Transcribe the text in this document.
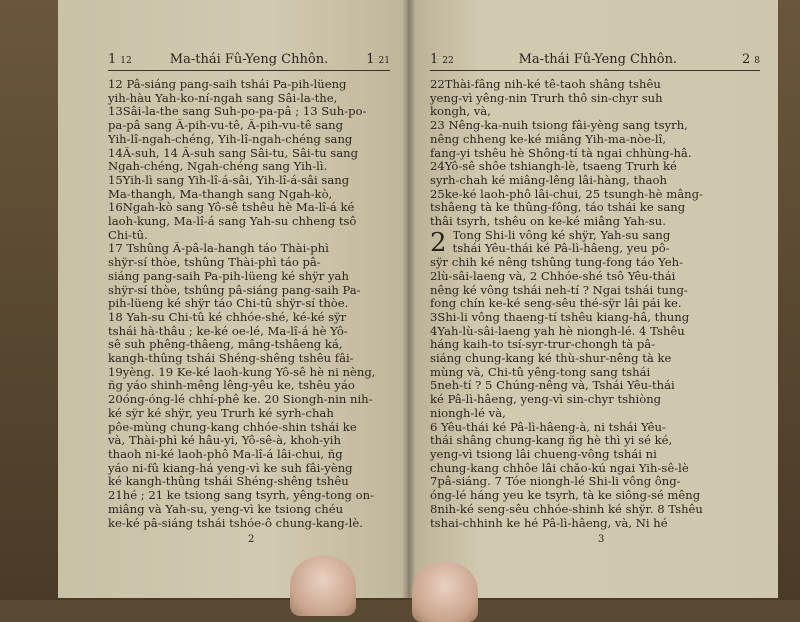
1 12	Ma-thái Fû-Yeng Chhôn.	1 21
12 Pâ-siáng pang-saih tshái Pa-pih-lüeng
yih-hàu Yah-ko-ní-ngah sang Sâi-la-the,
13Sâi-la-the sang Suh-po-pa-pâ ; 13 Suh-po-
pa-pâ sang Â-pih-vu-tê, Â-pih-vu-tê sang
Yih-lî-ngah-chéng, Yih-lî-ngah-chéng sang
14Â-suh, 14 Â-suh sang Sâi-tu, Sâi-tu sang
Ngah-chéng, Ngah-chéng sang Yih-lì.
15Yih-lì sang Yih-lî-á-sâi, Yih-lî-á-sâi sang
Ma-thangh, Ma-thangh sang Ngah-kò,
16Ngah-kò sang Yô-sê tshêu hè Ma-lî-á ké
laoh-kung, Ma-lî-á sang Yah-su chheng tsô
Chi-tû.
17 Tshûng Â-pâ-la-hangh táo Thài-phì
shÿr-sí thòe, tshûng Thài-phì táo pâ-
siáng pang-saih Pa-pih-lüeng ké shÿr yah
shÿr-sí thòe, tshûng pâ-siáng pang-saih Pa-
pih-lüeng ké shÿr táo Chi-tû shÿr-sí thòe.
18 Yah-su Chi-tû ké chhóe-shé, ké-ké sÿr
tshái hà-thâu ; ke-ké oe-lé, Ma-lî-á hè Yô-
sê suh phêng-thâeng, mâng-tshâeng ká,
kangh-thûng tshái Shéng-shêng tshêu fâi-
19yèng. 19 Ke-ké laoh-kung Yô-sê hè ni nèng,
ñg yáo shinh-mêng lêng-yêu ke, tshêu yáo
20óng-óng-lé chhí-phê ke. 20 Siongh-nin nih-
ké sÿr ké shÿr, yeu Trurh ké syrh-chah
pôe-mùng chung-kang chhóe-shin tshái ke
và, Thài-phì ké hâu-yi, Yô-sê-à, khoh-yih
thaoh ni-ké laoh-phô Ma-lî-á lâi-chui, ñg
yáo ni-fû kiang-há yeng-vì ke suh fâi-yèng
ké kangh-thûng tshái Shéng-shêng tshêu
21hé ; 21 ke tsiong sang tsyrh, yêng-tong on-
miâng và Yah-su, yeng-vì ke tsiong chéu
ke-ké pâ-siáng tshái tshóe-ô chung-kang-lè.
2
1 22	Ma-thái Fû-Yeng Chhôn.	2 8
22Thài-fâng nih-ké tê-taoh shâng tshêu
yeng-vì yêng-nin Trurh thô sin-chyr suh
kongh, và,
23 Nêng-ka-nuih tsiong fâi-yèng sang tsyrh,
nêng chheng ke-ké miâng Yih-ma-nòe-lî,
fang-yi tshêu hè Shông-tí tà ngai chhùng-hâ.
24Yô-sê shôe tshiangh-lè, tsaeng Trurh ké
syrh-chah ké miâng-lêng lâi-hàng, thaoh
25ke-ké laoh-phô lâi-chui, 25 tsungh-hè mâng-
tshâeng tà ke thûng-fông, táo tshái ke sang
thâi tsyrh, tshêu on ke-ké miâng Yah-su.
2 Tong Shi-li vông ké shÿr, Yah-su sang
tshái Yêu-thái ké Pâ-lì-hâeng, yeu pô-
sÿr chih ké nêng tshûng tung-fong táo Yeh-
2lù-sâi-laeng và, 2 Chhóe-shé tsô Yêu-thái
nêng ké vông tshái neh-tí ? Ngai tshái tung-
fong chín ke-ké seng-sêu thé-sÿr lâi pái ke.
3Shi-li vông thaeng-tí tshêu kiang-hâ, thung
4Yah-lù-sâi-laeng yah hè niongh-lé. 4 Tshêu
háng kaih-to tsí-syr-trur-chongh tà pâ-
siáng chung-kang ké thù-shur-nêng tà ke
mùng và, Chi-tû yêng-tong sang tshái
5neh-tí ? 5 Chúng-nêng và, Tshái Yêu-thái
ké Pâ-lì-hâeng, yeng-vì sin-chyr tshiòng
niongh-lé và,
6 Yêu-thái ké Pâ-lì-hâeng-à, ni tshái Yêu-
thái shâng chung-kang ñg hè thì yi sé ké,
yeng-vì tsiong lâi chueng-vông tshái ni
chung-kang chhôe lâi chǎo-kú ngai Yih-sê-lè
7pâ-siáng. 7 Tóe niongh-lé Shi-li vông ông-
óng-lé háng yeu ke tsyrh, tà ke siông-sé mêng
8nih-ké seng-sêu chhóe-shinh ké shÿr. 8 Tshêu
tshai-chhinh ke hé Pâ-lì-hâeng, và, Ni hé
3
